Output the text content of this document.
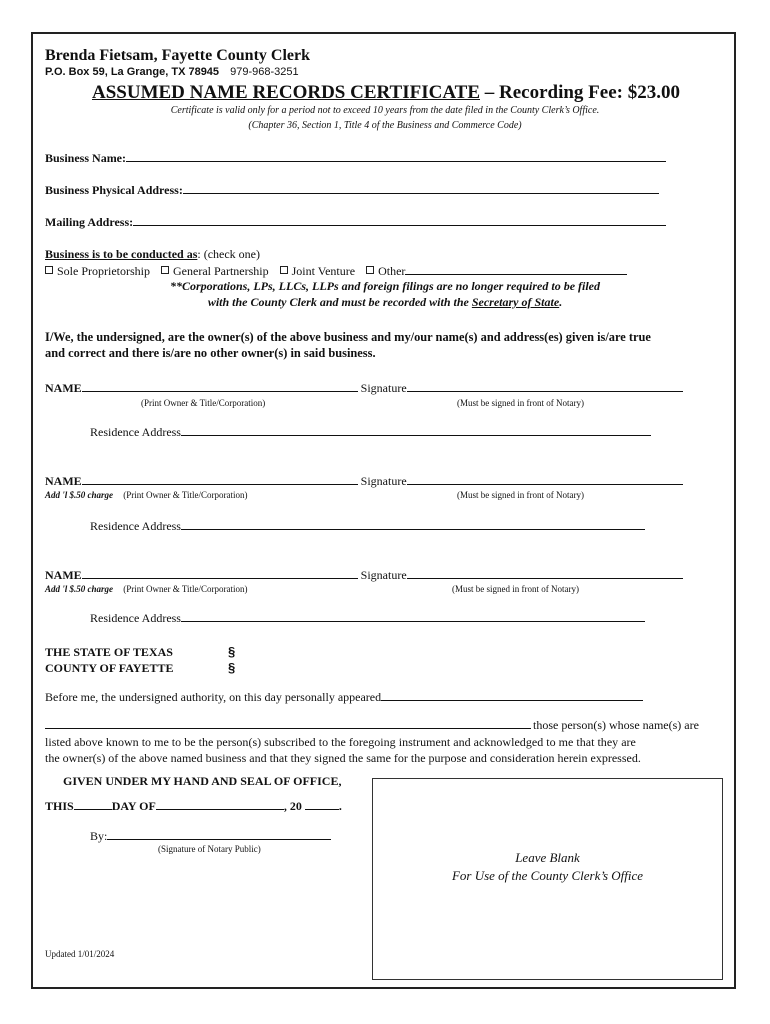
Brenda Fietsam, Fayette County Clerk
P.O. Box 59, La Grange, TX 78945 979-968-3251
ASSUMED NAME RECORDS CERTIFICATE – Recording Fee: $23.00
Certificate is valid only for a period not to exceed 10 years from the date filed in the County Clerk’s Office.
(Chapter 36, Section 1, Title 4 of the Business and Commerce Code)
Business Name:
Business Physical Address:
Mailing Address:
Business is to be conducted as: (check one)
Sole Proprietorship General Partnership Joint Venture Other
**Corporations, LPs, LLCs, LLPs and foreign filings are no longer required to be filed
with the County Clerk and must be recorded with the Secretary of State.
I/We, the undersigned, are the owner(s) of the above business and my/our name(s) and address(es) given is/are true
and correct and there is/are no other owner(s) in said business.
NAME	Signature
(Print Owner & Title/Corporation)	(Must be signed in front of Notary)
Residence Address
NAME	Signature
Add 'l $.50 charge (Print Owner & Title/Corporation)	(Must be signed in front of Notary)
Residence Address
NAME	Signature
Add 'l $.50 charge (Print Owner & Title/Corporation)	(Must be signed in front of Notary)
Residence Address
THE STATE OF TEXAS	§
COUNTY OF FAYETTE	§
Before me, the undersigned authority, on this day personally appeared
those person(s) whose name(s) are
listed above known to me to be the person(s) subscribed to the foregoing instrument and acknowledged to me that they are
the owner(s) of the above named business and that they signed the same for the purpose and consideration herein expressed.
GIVEN UNDER MY HAND AND SEAL OF OFFICE,
THIS	DAY OF	, 20	.
By:
(Signature of Notary Public)
Leave Blank
For Use of the County Clerk’s Office
Updated 1/01/2024
